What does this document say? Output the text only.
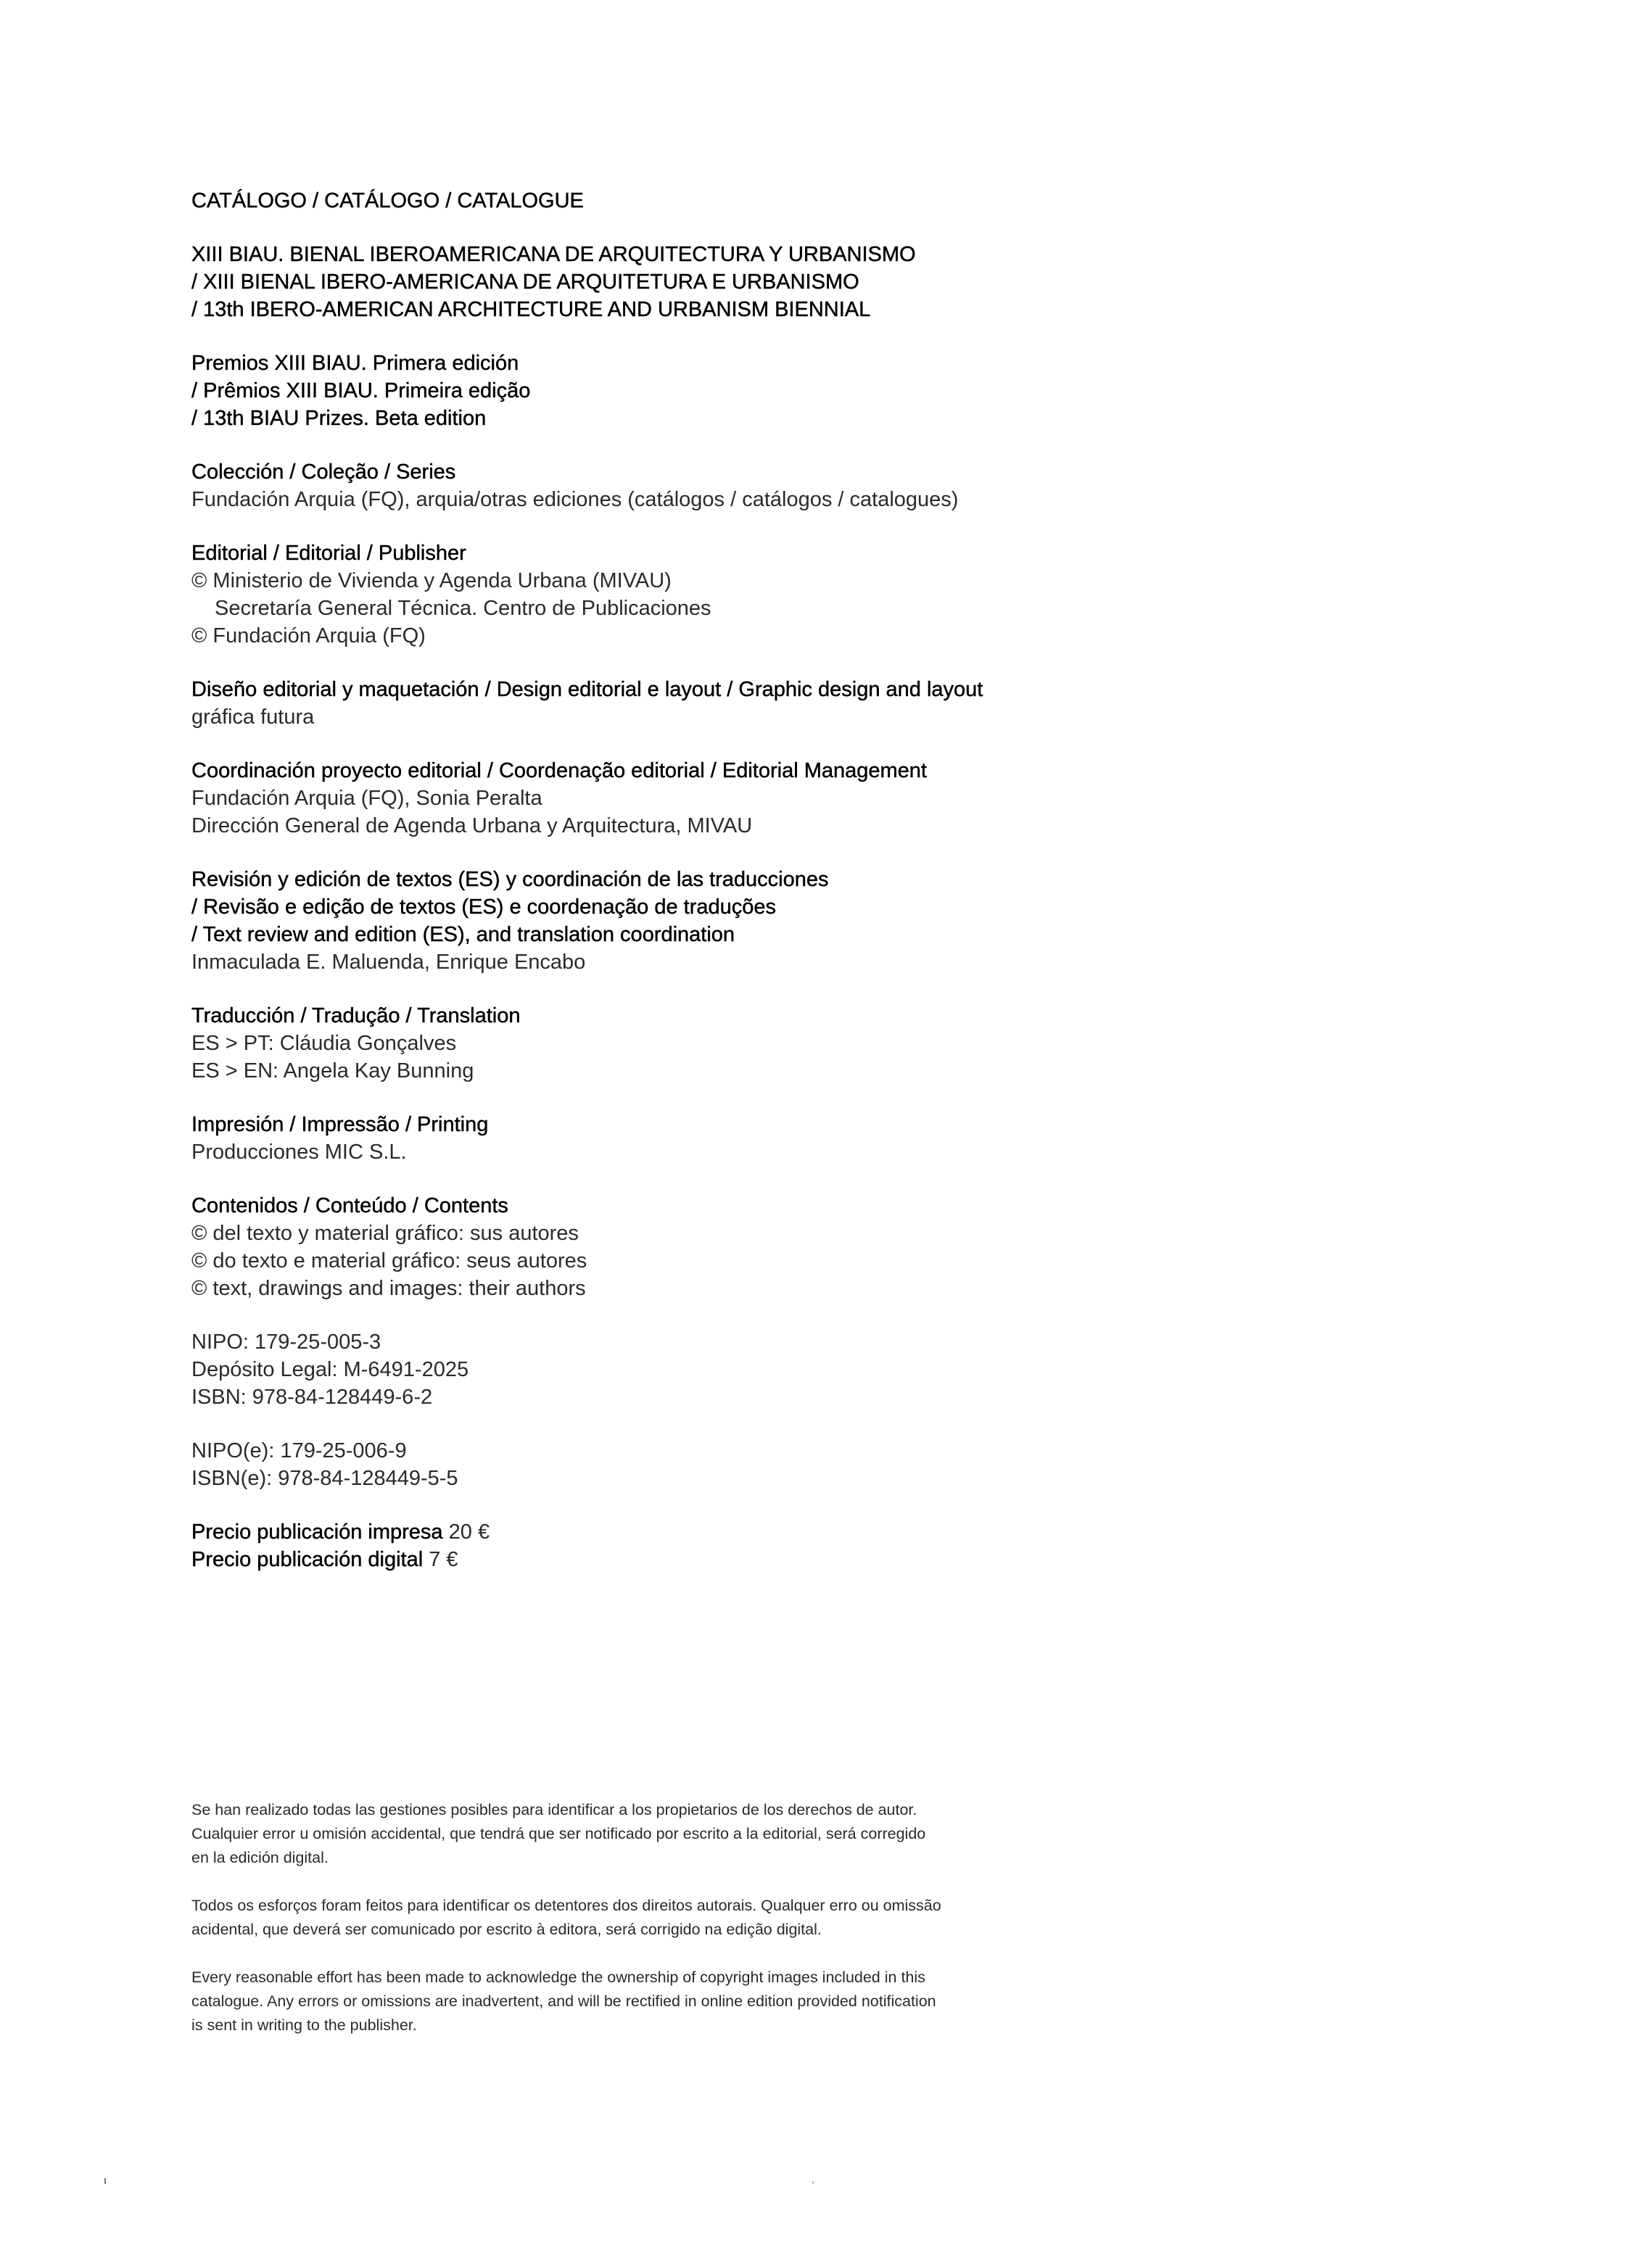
CATÁLOGO / CATÁLOGO / CATALOGUE
XIII BIAU. BIENAL IBEROAMERICANA DE ARQUITECTURA Y URBANISMO
/ XIII BIENAL IBERO-AMERICANA DE ARQUITETURA E URBANISMO
/ 13th IBERO-AMERICAN ARCHITECTURE AND URBANISM BIENNIAL
Premios XIII BIAU. Primera edición
/ Prêmios XIII BIAU. Primeira edição
/ 13th BIAU Prizes. Beta edition
Colección / Coleção / Series
Fundación Arquia (FQ), arquia/otras ediciones (catálogos / catálogos / catalogues)
Editorial / Editorial / Publisher
© Ministerio de Vivienda y Agenda Urbana (MIVAU)
Secretaría General Técnica. Centro de Publicaciones
© Fundación Arquia (FQ)
Diseño editorial y maquetación / Design editorial e layout / Graphic design and layout
gráfica futura
Coordinación proyecto editorial / Coordenação editorial / Editorial Management
Fundación Arquia (FQ), Sonia Peralta
Dirección General de Agenda Urbana y Arquitectura, MIVAU
Revisión y edición de textos (ES) y coordinación de las traducciones
/ Revisão e edição de textos (ES) e coordenação de traduções
/ Text review and edition (ES), and translation coordination
Inmaculada E. Maluenda, Enrique Encabo
Traducción / Tradução / Translation
ES > PT: Cláudia Gonçalves
ES > EN: Angela Kay Bunning
Impresión / Impressão / Printing
Producciones MIC S.L.
Contenidos / Conteúdo / Contents
© del texto y material gráfico: sus autores
© do texto e material gráfico: seus autores
© text, drawings and images: their authors
NIPO: 179-25-005-3
Depósito Legal: M-6491-2025
ISBN: 978-84-128449-6-2
NIPO(e): 179-25-006-9
ISBN(e): 978-84-128449-5-5
Precio publicación impresa 20 €
Precio publicación digital 7 €
Se han realizado todas las gestiones posibles para identificar a los propietarios de los derechos de autor.
Cualquier error u omisión accidental, que tendrá que ser notificado por escrito a la editorial, será corregido
en la edición digital.
Todos os esforços foram feitos para identificar os detentores dos direitos autorais. Qualquer erro ou omissão
acidental, que deverá ser comunicado por escrito à editora, será corrigido na edição digital.
Every reasonable effort has been made to acknowledge the ownership of copyright images included in this
catalogue. Any errors or omissions are inadvertent, and will be rectified in online edition provided notification
is sent in writing to the publisher.
